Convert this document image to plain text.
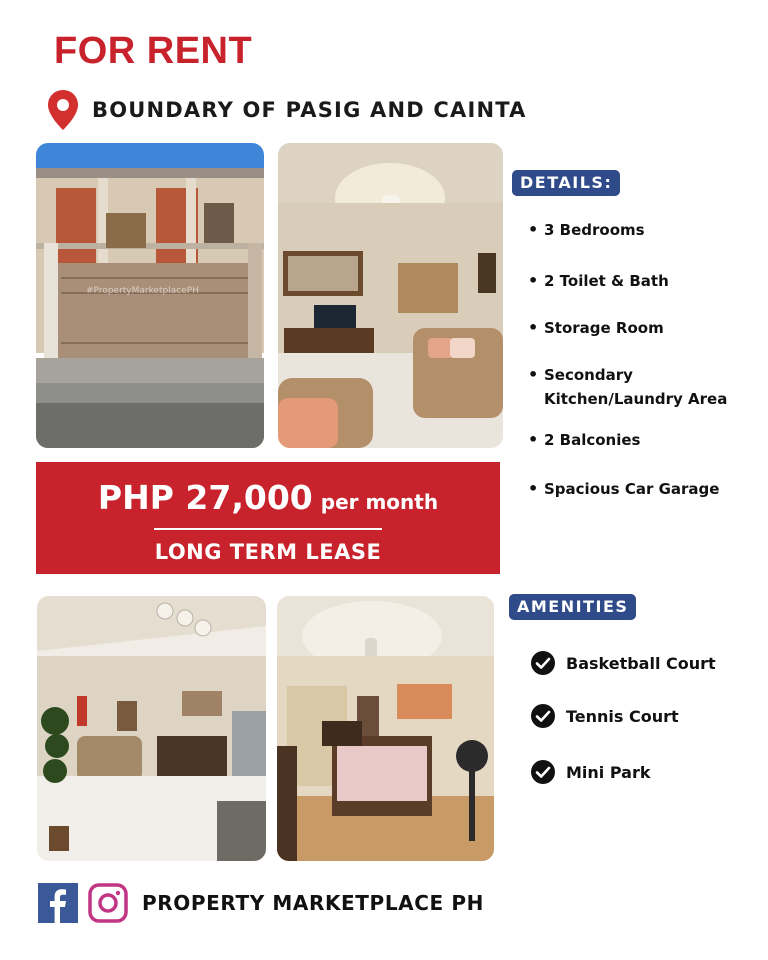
FOR RENT
BOUNDARY OF PASIG AND CAINTA
#PropertyMarketplacePH
PHP 27,000 per month
LONG TERM LEASE
DETAILS:
• 3 Bedrooms
• 2 Toilet & Bath
• Storage Room
• Secondary Kitchen/Laundry Area
• 2 Balconies
• Spacious Car Garage
AMENITIES
Basketball Court
Tennis Court
Mini Park
PROPERTY MARKETPLACE PH
